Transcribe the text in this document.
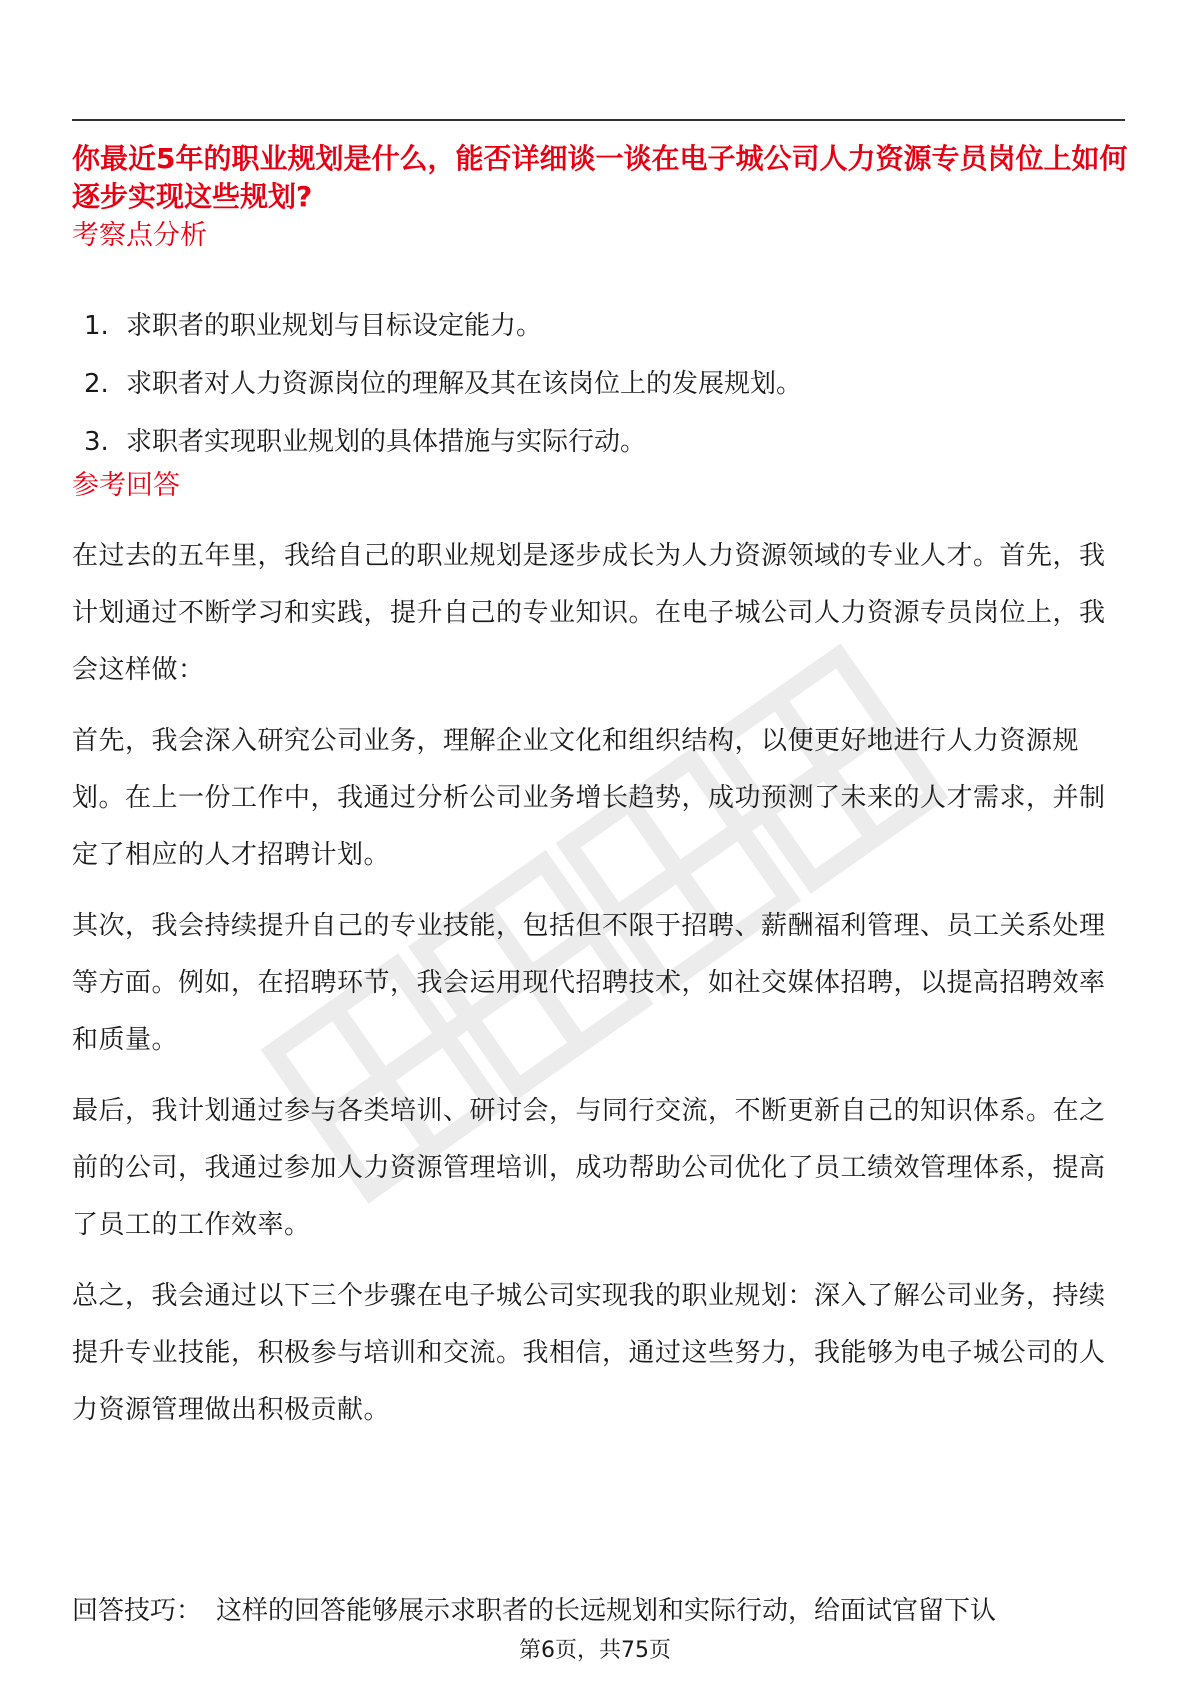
你最近5年的职业规划是什么，能否详细谈一谈在电子城公司人力资源专员岗位上如何逐步实现这些规划?
考察点分析
1. 求职者的职业规划与目标设定能力。
2. 求职者对人力资源岗位的理解及其在该岗位上的发展规划。
3. 求职者实现职业规划的具体措施与实际行动。
参考回答

在过去的五年里，我给自己的职业规划是逐步成长为人力资源领域的专业人才。首先，我计划通过不断学习和实践，提升自己的专业知识。在电子城公司人力资源专员岗位上，我会这样做：

首先，我会深入研究公司业务，理解企业文化和组织结构，以便更好地进行人力资源规划。在上一份工作中，我通过分析公司业务增长趋势，成功预测了未来的人才需求，并制定了相应的人才招聘计划。

其次，我会持续提升自己的专业技能，包括但不限于招聘、薪酬福利管理、员工关系处理等方面。例如，在招聘环节，我会运用现代招聘技术，如社交媒体招聘，以提高招聘效率和质量。

最后，我计划通过参与各类培训、研讨会，与同行交流，不断更新自己的知识体系。在之前的公司，我通过参加人力资源管理培训，成功帮助公司优化了员工绩效管理体系，提高了员工的工作效率。

总之，我会通过以下三个步骤在电子城公司实现我的职业规划：深入了解公司业务，持续提升专业技能，积极参与培训和交流。我相信，通过这些努力，我能够为电子城公司的人力资源管理做出积极贡献。

回答技巧： 这样的回答能够展示求职者的长远规划和实际行动，给面试官留下认

第6页，共75页
